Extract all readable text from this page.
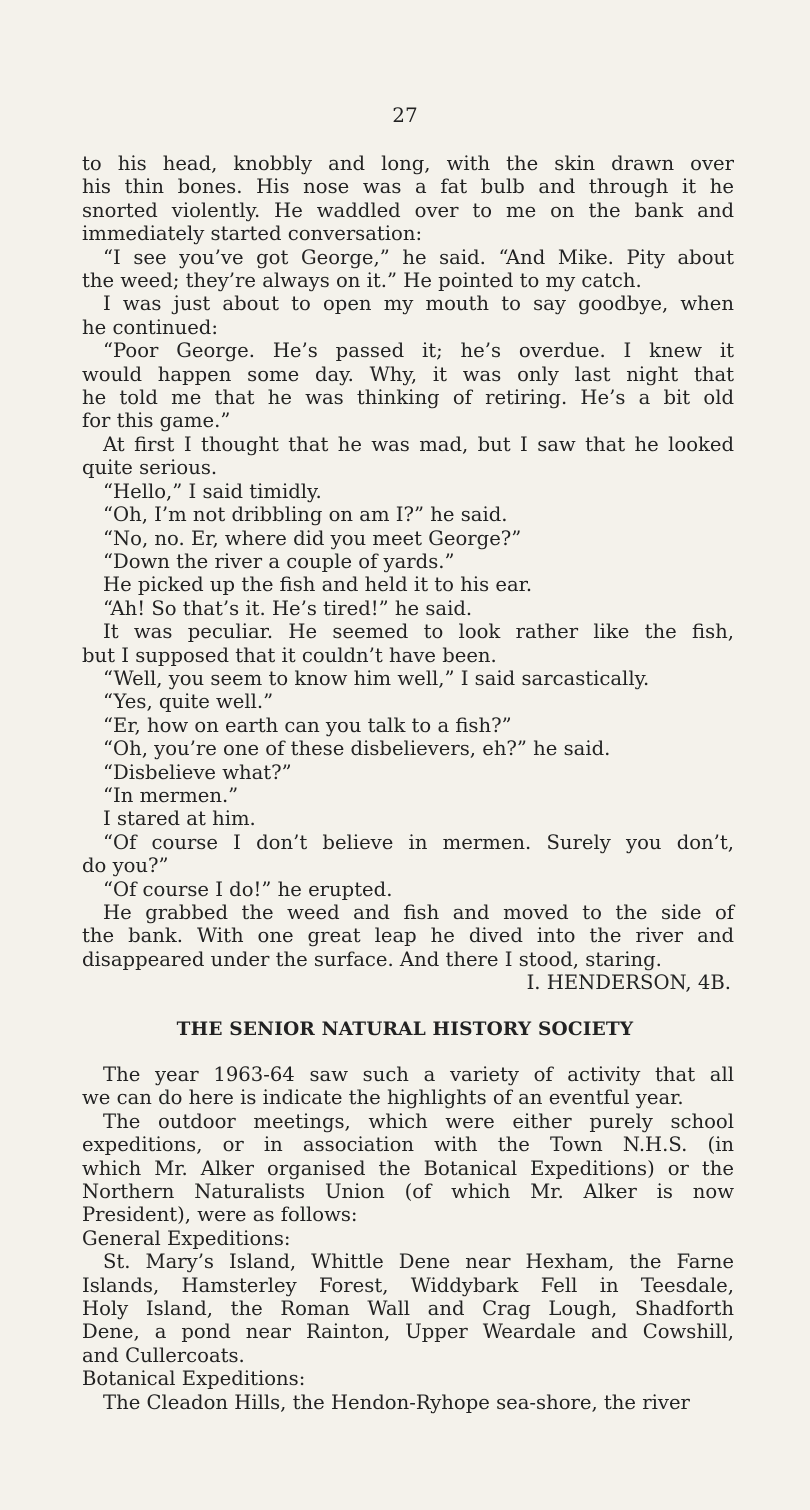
27
to his head, knobbly and long, with the skin drawn over
his thin bones. His nose was a fat bulb and through it he
snorted violently. He waddled over to me on the bank and
immediately started conversation:
“I see you’ve got George,” he said. “And Mike. Pity about
the weed; they’re always on it.” He pointed to my catch.
I was just about to open my mouth to say goodbye, when
he continued:
“Poor George. He’s passed it; he’s overdue. I knew it
would happen some day. Why, it was only last night that
he told me that he was thinking of retiring. He’s a bit old
for this game.”
At first I thought that he was mad, but I saw that he looked
quite serious.
“Hello,” I said timidly.
“Oh, I’m not dribbling on am I?” he said.
“No, no. Er, where did you meet George?”
“Down the river a couple of yards.”
He picked up the fish and held it to his ear.
“Ah! So that’s it. He’s tired!” he said.
It was peculiar. He seemed to look rather like the fish,
but I supposed that it couldn’t have been.
“Well, you seem to know him well,” I said sarcastically.
“Yes, quite well.”
“Er, how on earth can you talk to a fish?”
“Oh, you’re one of these disbelievers, eh?” he said.
“Disbelieve what?”
“In mermen.”
I stared at him.
“Of course I don’t believe in mermen. Surely you don’t,
do you?”
“Of course I do!” he erupted.
He grabbed the weed and fish and moved to the side of
the bank. With one great leap he dived into the river and
disappeared under the surface. And there I stood, staring.
I. HENDERSON, 4B.
THE SENIOR NATURAL HISTORY SOCIETY
The year 1963-64 saw such a variety of activity that all
we can do here is indicate the highlights of an eventful year.
The outdoor meetings, which were either purely school
expeditions, or in association with the Town N.H.S. (in
which Mr. Alker organised the Botanical Expeditions) or the
Northern Naturalists Union (of which Mr. Alker is now
President), were as follows:
General Expeditions:
St. Mary’s Island, Whittle Dene near Hexham, the Farne
Islands, Hamsterley Forest, Widdybark Fell in Teesdale,
Holy Island, the Roman Wall and Crag Lough, Shadforth
Dene, a pond near Rainton, Upper Weardale and Cowshill,
and Cullercoats.
Botanical Expeditions:
The Cleadon Hills, the Hendon-Ryhope sea-shore, the river
